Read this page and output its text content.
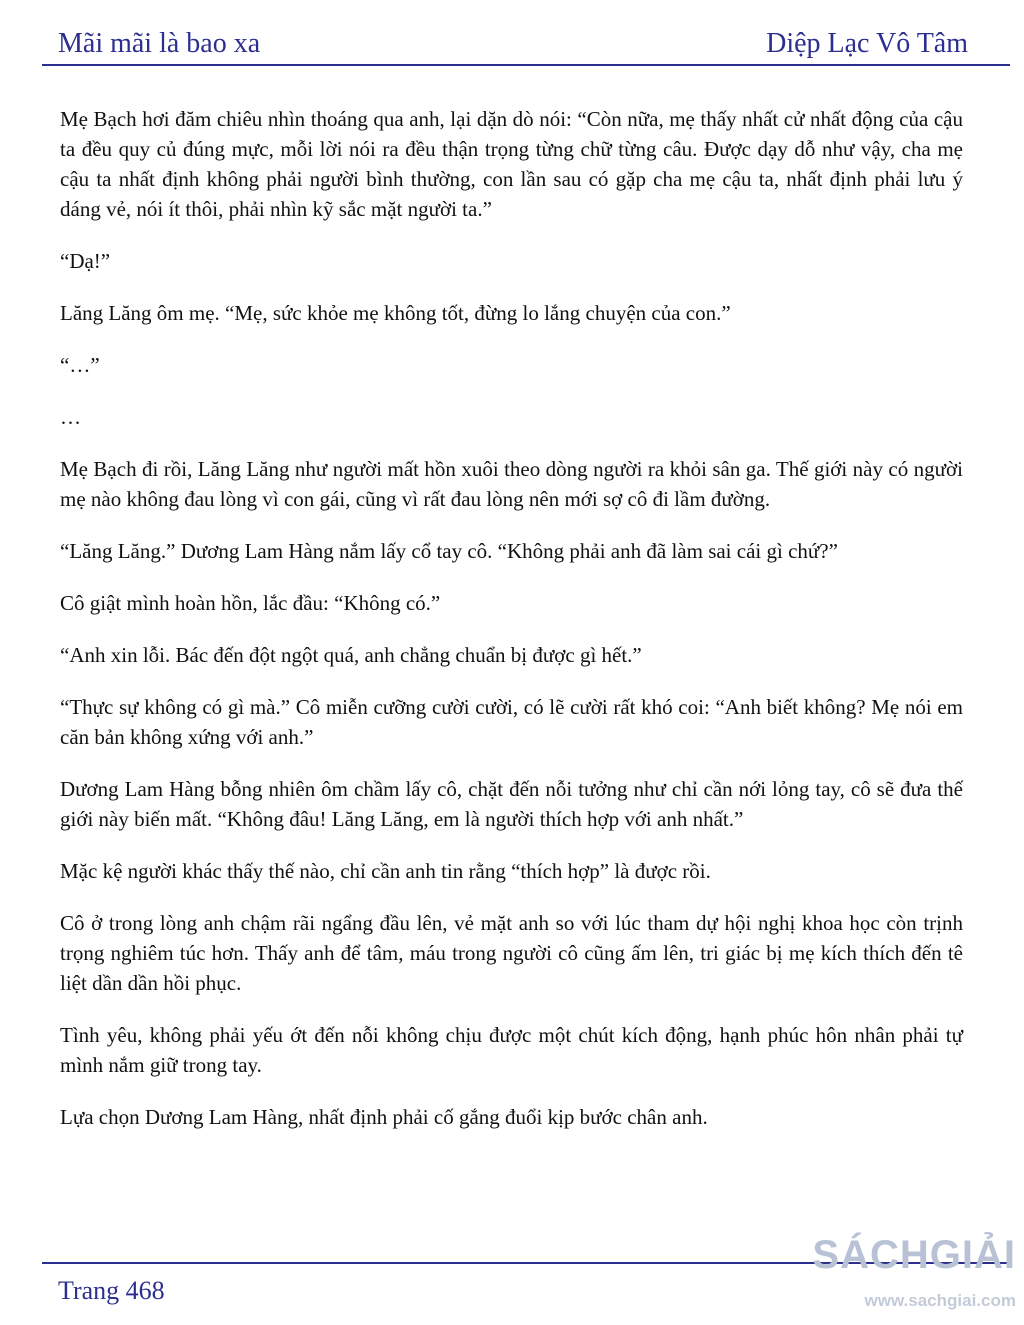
Mãi mãi là bao xa	Diệp Lạc Vô Tâm

Mẹ Bạch hơi đăm chiêu nhìn thoáng qua anh, lại dặn dò nói: “Còn nữa, mẹ thấy nhất cử nhất động của cậu ta đều quy củ đúng mực, mỗi lời nói ra đều thận trọng từng chữ từng câu. Được dạy dỗ như vậy, cha mẹ cậu ta nhất định không phải người bình thường, con lần sau có gặp cha mẹ cậu ta, nhất định phải lưu ý dáng vẻ, nói ít thôi, phải nhìn kỹ sắc mặt người ta.”

“Dạ!”

Lăng Lăng ôm mẹ. “Mẹ, sức khỏe mẹ không tốt, đừng lo lắng chuyện của con.”

“…”

…

Mẹ Bạch đi rồi, Lăng Lăng như người mất hồn xuôi theo dòng người ra khỏi sân ga. Thế giới này có người mẹ nào không đau lòng vì con gái, cũng vì rất đau lòng nên mới sợ cô đi lầm đường.

“Lăng Lăng.” Dương Lam Hàng nắm lấy cổ tay cô. “Không phải anh đã làm sai cái gì chứ?”

Cô giật mình hoàn hồn, lắc đầu: “Không có.”

“Anh xin lỗi. Bác đến đột ngột quá, anh chẳng chuẩn bị được gì hết.”

“Thực sự không có gì mà.” Cô miễn cưỡng cười cười, có lẽ cười rất khó coi: “Anh biết không? Mẹ nói em căn bản không xứng với anh.”

Dương Lam Hàng bỗng nhiên ôm chầm lấy cô, chặt đến nỗi tưởng như chỉ cần nới lỏng tay, cô sẽ đưa thế giới này biến mất. “Không đâu! Lăng Lăng, em là người thích hợp với anh nhất.”

Mặc kệ người khác thấy thế nào, chỉ cần anh tin rằng “thích hợp” là được rồi.

Cô ở trong lòng anh chậm rãi ngẩng đầu lên, vẻ mặt anh so với lúc tham dự hội nghị khoa học còn trịnh trọng nghiêm túc hơn. Thấy anh để tâm, máu trong người cô cũng ấm lên, tri giác bị mẹ kích thích đến tê liệt dần dần hồi phục.

Tình yêu, không phải yếu ớt đến nỗi không chịu được một chút kích động, hạnh phúc hôn nhân phải tự mình nắm giữ trong tay.

Lựa chọn Dương Lam Hàng, nhất định phải cố gắng đuổi kịp bước chân anh.

Trang 468
SÁCHGIẢI
www.sachgiai.com
